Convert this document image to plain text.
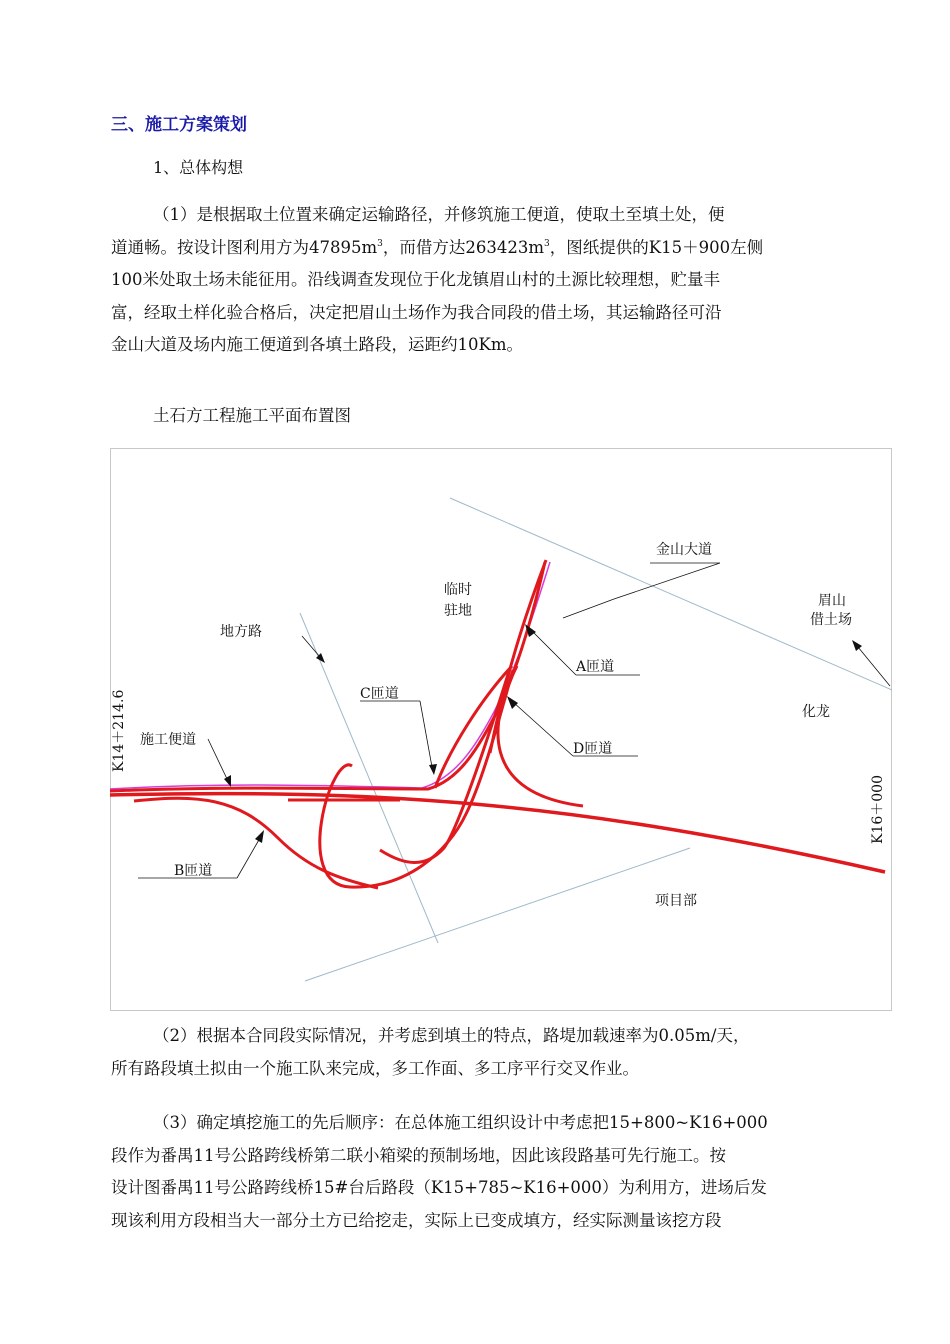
三、施工方案策划
1、总体构想
（1）是根据取土位置来确定运输路径，并修筑施工便道，使取土至填土处，便
道通畅。按设计图利用方为$47895m^3$，而借方达$263423m^3$，图纸提供的K15＋900左侧
100米处取土场未能征用。沿线调查发现位于化龙镇眉山村的土源比较理想，贮量丰
富，经取土样化验合格后，决定把眉山土场作为我合同段的借土场，其运输路径可沿
金山大道及场内施工便道到各填土路段，运距约10Km。
土石方工程施工平面布置图
金山大道
临时
驻地
眉山
借土场
地方路
A匝道
C匝道
D匝道
化龙
施工便道
B匝道
项目部
K14＋214.6
K16＋000
（2）根据本合同段实际情况，并考虑到填土的特点，路堤加载速率为0.05m/天，
所有路段填土拟由一个施工队来完成，多工作面、多工序平行交叉作业。
（3）确定填挖施工的先后顺序：在总体施工组织设计中考虑把15+800~K16+000
段作为番禺11号公路跨线桥第二联小箱梁的预制场地，因此该段路基可先行施工。按
设计图番禺11号公路跨线桥15#台后路段（K15+785~K16+000）为利用方，进场后发
现该利用方段相当大一部分土方已给挖走，实际上已变成填方，经实际测量该挖方段
